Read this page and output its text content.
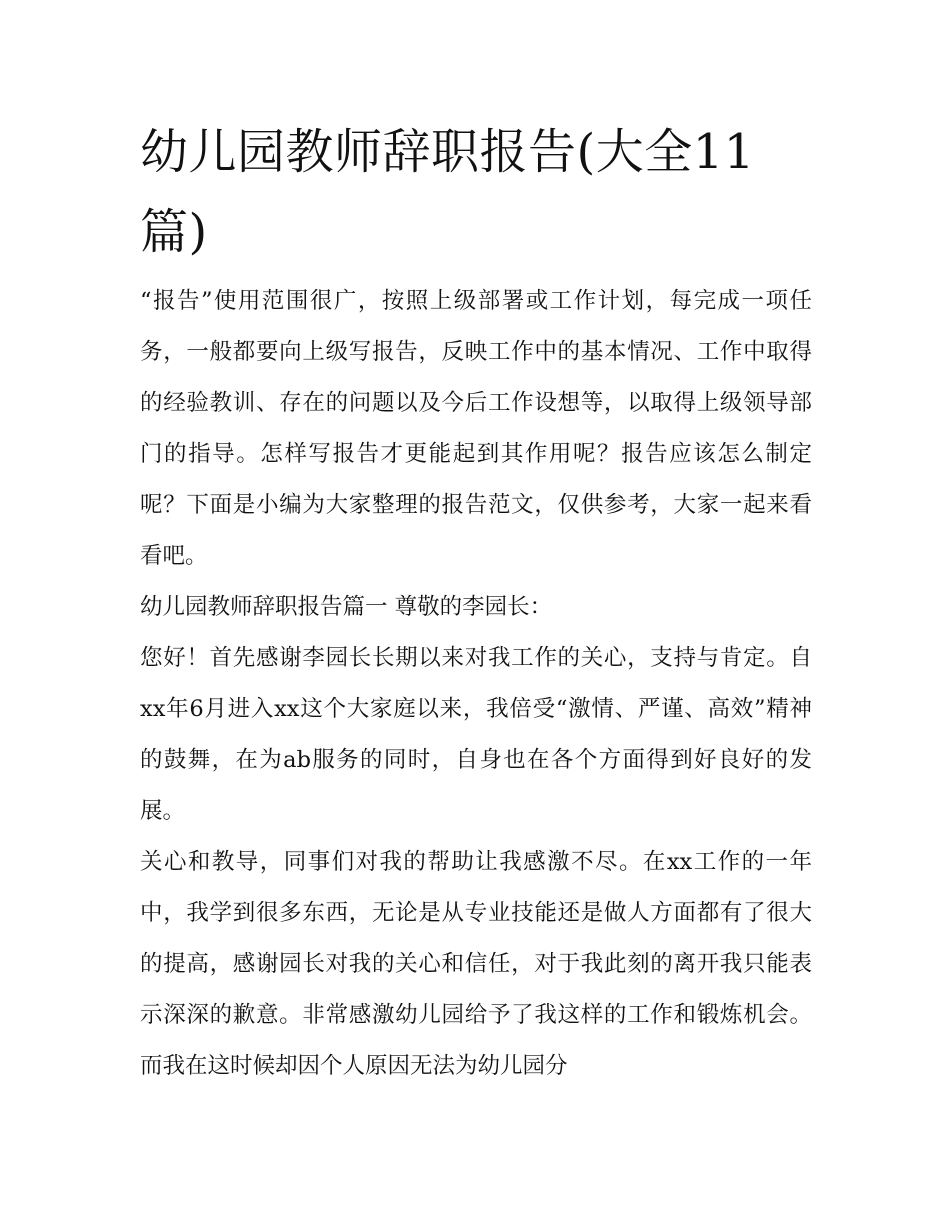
幼儿园教师辞职报告(大全11篇)

“报告”使用范围很广，按照上级部署或工作计划，每完成一项任务，一般都要向上级写报告，反映工作中的基本情况、工作中取得的经验教训、存在的问题以及今后工作设想等，以取得上级领导部门的指导。怎样写报告才更能起到其作用呢？报告应该怎么制定呢？下面是小编为大家整理的报告范文，仅供参考，大家一起来看看吧。

幼儿园教师辞职报告篇一 尊敬的李园长：

您好！首先感谢李园长长期以来对我工作的关心，支持与肯定。自xx年6月进入xx这个大家庭以来，我倍受“激情、严谨、高效”精神的鼓舞，在为ab服务的同时，自身也在各个方面得到好良好的发展。

关心和教导，同事们对我的帮助让我感激不尽。在xx工作的一年中，我学到很多东西，无论是从专业技能还是做人方面都有了很大的提高，感谢园长对我的关心和信任，对于我此刻的离开我只能表示深深的歉意。非常感激幼儿园给予了我这样的工作和锻炼机会。而我在这时候却因个人原因无法为幼儿园分
